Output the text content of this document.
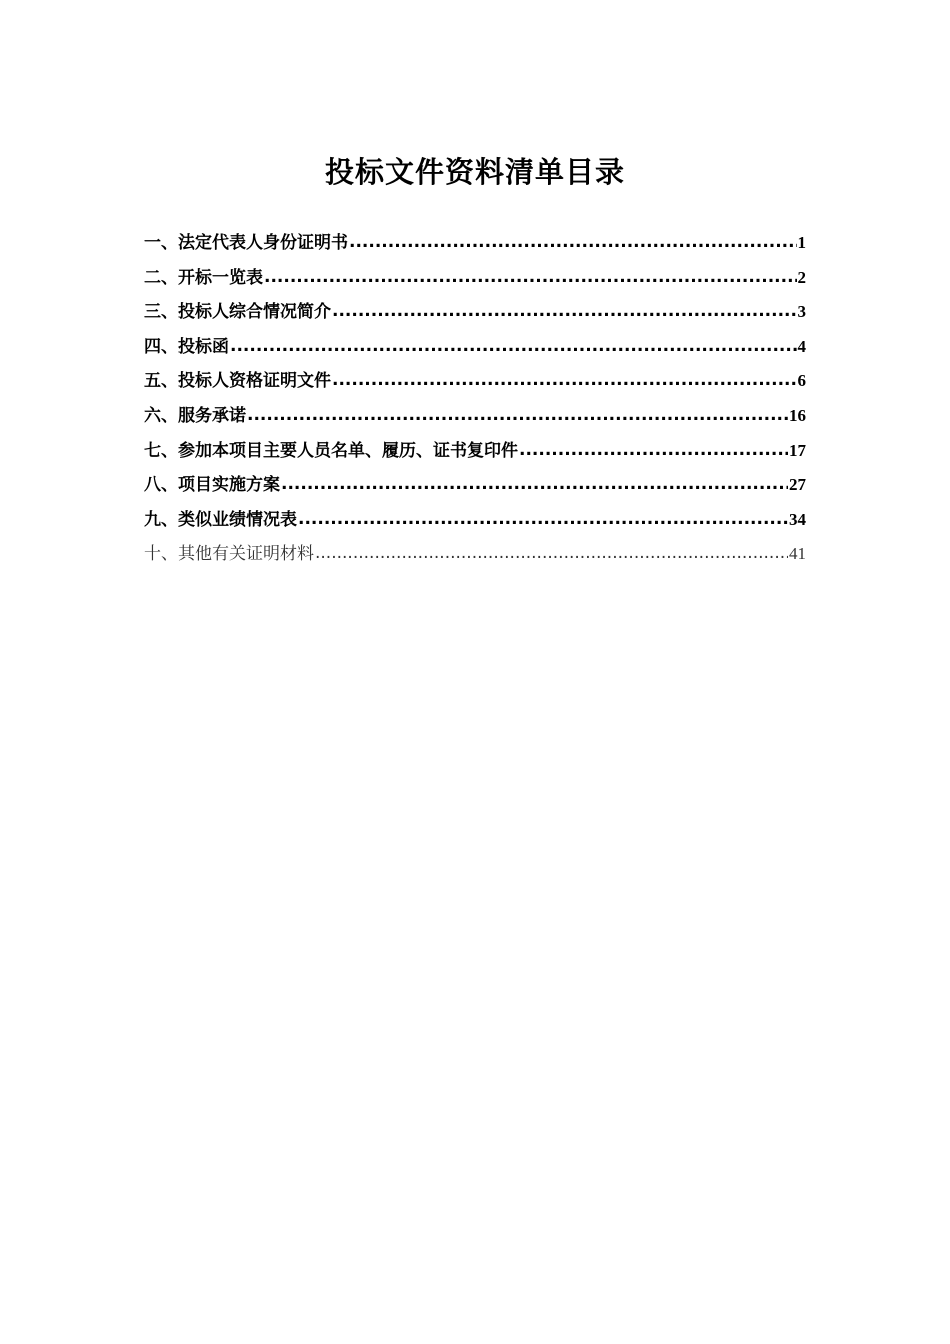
投标文件资料清单目录
一、法定代表人身份证明书 .....	1
二、开标一览表 .....	2
三、投标人综合情况简介 .....	3
四、投标函 .....	4
五、投标人资格证明文件 .....	6
六、服务承诺 .....	16
七、参加本项目主要人员名单、履历、证书复印件 .....	17
八、项目实施方案 .....	27
九、类似业绩情况表 .....	34
十、其他有关证明材料 .....	41
